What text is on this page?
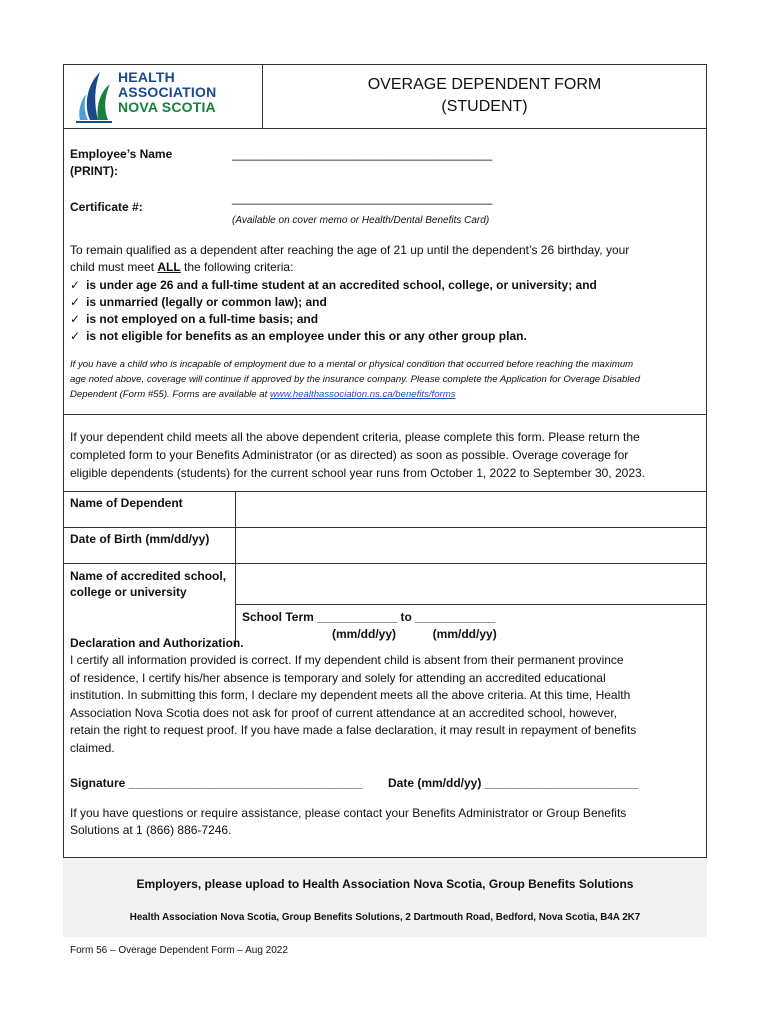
HEALTH
ASSOCIATION
NOVA SCOTIA
OVERAGE DEPENDENT FORM
(STUDENT)
Employee’s Name
(PRINT):
_______________________________________
Certificate #:
_______________________________________
(Available on cover memo or Health/Dental Benefits Card)
To remain qualified as a dependent after reaching the age of 21 up until the dependent’s 26 birthday, your
child must meet ALL the following criteria:
✓ is under age 26 and a full-time student at an accredited school, college, or university; and
✓ is unmarried (legally or common law); and
✓ is not employed on a full-time basis; and
✓ is not eligible for benefits as an employee under this or any other group plan.
If you have a child who is incapable of employment due to a mental or physical condition that occurred before reaching the maximum
age noted above, coverage will continue if approved by the insurance company. Please complete the Application for Overage Disabled
Dependent (Form #55). Forms are available at www.healthassociation.ns.ca/benefits/forms
If your dependent child meets all the above dependent criteria, please complete this form. Please return the
completed form to your Benefits Administrator (or as directed) as soon as possible. Overage coverage for
eligible dependents (students) for the current school year runs from October 1, 2022 to September 30, 2023.
Name of Dependent	
Date of Birth (mm/dd/yy)	

Name of accredited school,
college or university	

	School Term ____________ to ____________
(mm/dd/yy)           (mm/dd/yy)
Declaration and Authorization.
I certify all information provided is correct. If my dependent child is absent from their permanent province
of residence, I certify his/her absence is temporary and solely for attending an accredited educational
institution. In submitting this form, I declare my dependent meets all the above criteria. At this time, Health
Association Nova Scotia does not ask for proof of current attendance at an accredited school, however,
retain the right to request proof. If you have made a false declaration, it may result in repayment of benefits
claimed.
Signature ___________________________________ Date (mm/dd/yy) _______________________
If you have questions or require assistance, please contact your Benefits Administrator or Group Benefits
Solutions at 1 (866) 886-7246.
Employers, please upload to Health Association Nova Scotia, Group Benefits Solutions
Health Association Nova Scotia, Group Benefits Solutions, 2 Dartmouth Road, Bedford, Nova Scotia, B4A 2K7
Form 56 – Overage Dependent Form – Aug 2022
